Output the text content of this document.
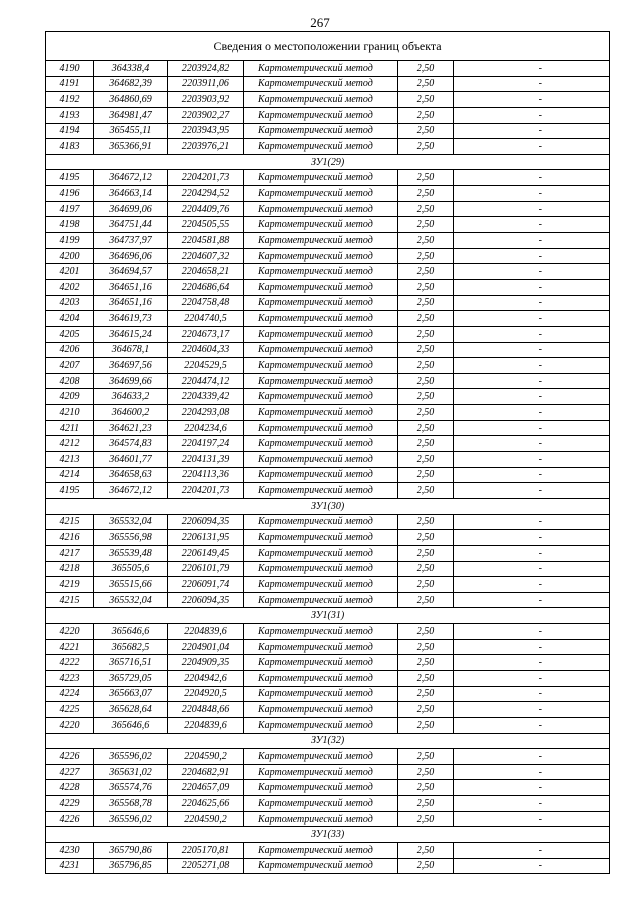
267
Сведения о местоположении границ объекта						
4190	364338,4	2203924,82	Картометрический метод	2,50		-
4191	364682,39	2203911,06	Картометрический метод	2,50		-
4192	364860,69	2203903,92	Картометрический метод	2,50		-
4193	364981,47	2203902,27	Картометрический метод	2,50		-
4194	365455,11	2203943,95	Картометрический метод	2,50		-
4183	365366,91	2203976,21	Картометрический метод	2,50		-
ЗУ1(29)						
4195	364672,12	2204201,73	Картометрический метод	2,50		-
4196	364663,14	2204294,52	Картометрический метод	2,50		-
4197	364699,06	2204409,76	Картометрический метод	2,50		-
4198	364751,44	2204505,55	Картометрический метод	2,50		-
4199	364737,97	2204581,88	Картометрический метод	2,50		-
4200	364696,06	2204607,32	Картометрический метод	2,50		-
4201	364694,57	2204658,21	Картометрический метод	2,50		-
4202	364651,16	2204686,64	Картометрический метод	2,50		-
4203	364651,16	2204758,48	Картометрический метод	2,50		-
4204	364619,73	2204740,5	Картометрический метод	2,50		-
4205	364615,24	2204673,17	Картометрический метод	2,50		-
4206	364678,1	2204604,33	Картометрический метод	2,50		-
4207	364697,56	2204529,5	Картометрический метод	2,50		-
4208	364699,66	2204474,12	Картометрический метод	2,50		-
4209	364633,2	2204339,42	Картометрический метод	2,50		-
4210	364600,2	2204293,08	Картометрический метод	2,50		-
4211	364621,23	2204234,6	Картометрический метод	2,50		-
4212	364574,83	2204197,24	Картометрический метод	2,50		-
4213	364601,77	2204131,39	Картометрический метод	2,50		-
4214	364658,63	2204113,36	Картометрический метод	2,50		-
4195	364672,12	2204201,73	Картометрический метод	2,50		-
ЗУ1(30)						
4215	365532,04	2206094,35	Картометрический метод	2,50		-
4216	365556,98	2206131,95	Картометрический метод	2,50		-
4217	365539,48	2206149,45	Картометрический метод	2,50		-
4218	365505,6	2206101,79	Картометрический метод	2,50		-
4219	365515,66	2206091,74	Картометрический метод	2,50		-
4215	365532,04	2206094,35	Картометрический метод	2,50		-
ЗУ1(31)						
4220	365646,6	2204839,6	Картометрический метод	2,50		-
4221	365682,5	2204901,04	Картометрический метод	2,50		-
4222	365716,51	2204909,35	Картометрический метод	2,50		-
4223	365729,05	2204942,6	Картометрический метод	2,50		-
4224	365663,07	2204920,5	Картометрический метод	2,50		-
4225	365628,64	2204848,66	Картометрический метод	2,50		-
4220	365646,6	2204839,6	Картометрический метод	2,50		-
ЗУ1(32)						
4226	365596,02	2204590,2	Картометрический метод	2,50		-
4227	365631,02	2204682,91	Картометрический метод	2,50		-
4228	365574,76	2204657,09	Картометрический метод	2,50		-
4229	365568,78	2204625,66	Картометрический метод	2,50		-
4226	365596,02	2204590,2	Картометрический метод	2,50		-
ЗУ1(33)						
4230	365790,86	2205170,81	Картометрический метод	2,50		-
4231	365796,85	2205271,08	Картометрический метод	2,50		-
